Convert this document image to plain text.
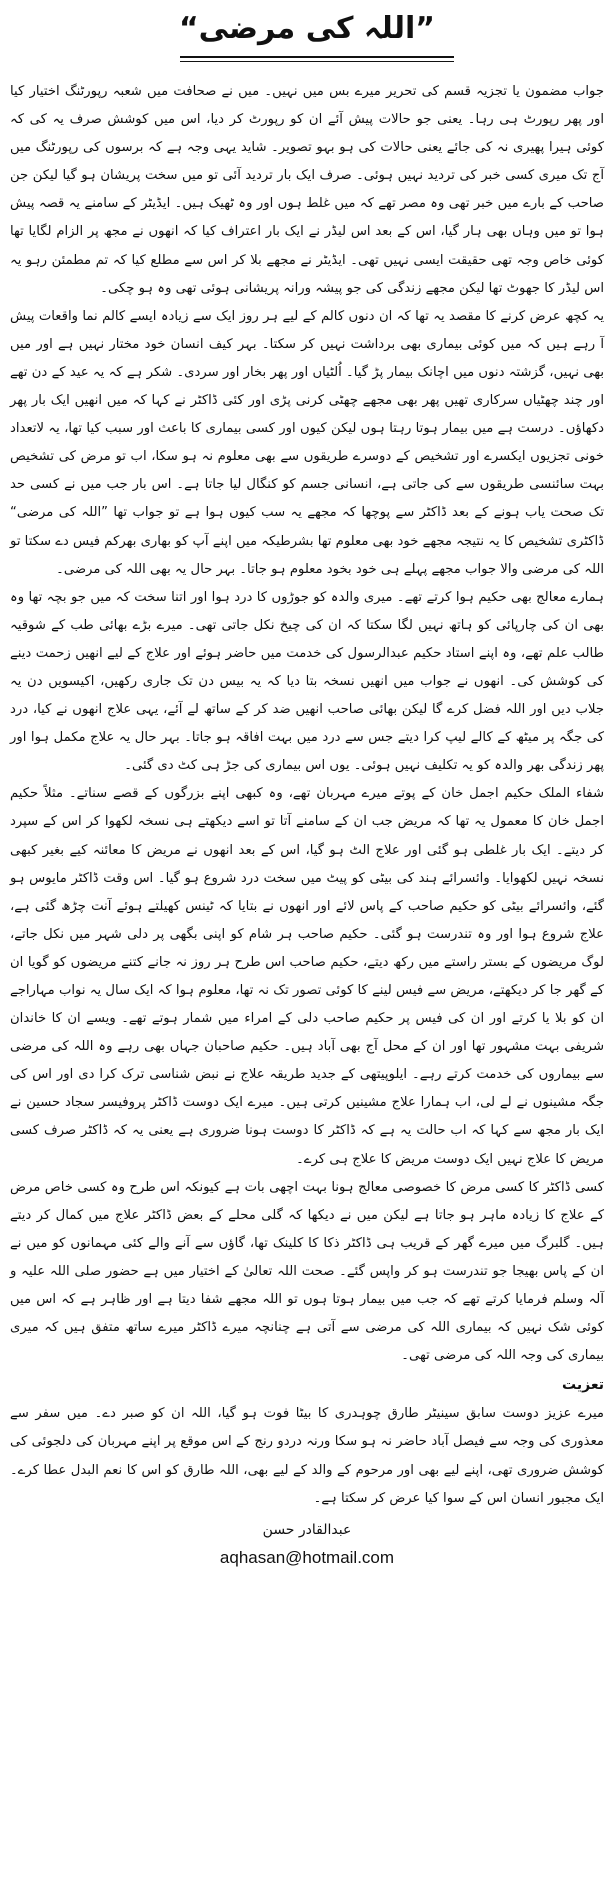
”اللہ کی مرضی“

جواب مضمون یا تجزیہ قسم کی تحریر میرے بس میں نہیں۔ میں نے صحافت میں شعبہ رپورٹنگ اختیار کیا اور پھر رپورٹ ہی رہا۔ یعنی جو حالات پیش آئے ان کو رپورٹ کر دیا، اس میں کوشش صرف یہ کی کہ کوئی ہیرا پھیری نہ کی جائے یعنی حالات کی ہو بہو تصویر۔ شاید یہی وجہ ہے کہ برسوں کی رپورٹنگ میں آج تک میری کسی خبر کی تردید نہیں ہوئی۔ صرف ایک بار تردید آئی تو میں سخت پریشان ہو گیا لیکن جن صاحب کے بارے میں خبر تھی وہ مصر تھے کہ میں غلط ہوں اور وہ ٹھیک ہیں۔ ایڈیٹر کے سامنے یہ قصہ پیش ہوا تو میں وہاں بھی ہار گیا، اس کے بعد اس لیڈر نے ایک بار اعتراف کیا کہ انھوں نے مجھ پر الزام لگایا تھا کوئی خاص وجہ تھی حقیقت ایسی نہیں تھی۔ ایڈیٹر نے مجھے بلا کر اس سے مطلع کیا کہ تم مطمئن رہو یہ اس لیڈر کا جھوٹ تھا لیکن مجھے زندگی کی جو پیشہ ورانہ پریشانی ہوئی تھی وہ ہو چکی۔

یہ کچھ عرض کرنے کا مقصد یہ تھا کہ ان دنوں کالم کے لیے ہر روز ایک سے زیادہ ایسے کالم نما واقعات پیش آ رہے ہیں کہ میں کوئی بیماری بھی برداشت نہیں کر سکتا۔ بہر کیف انسان خود مختار نہیں ہے اور میں بھی نہیں، گزشتہ دنوں میں اچانک بیمار پڑ گیا۔ اُلٹیاں اور پھر بخار اور سردی۔ شکر ہے کہ یہ عید کے دن تھے اور چند چھٹیاں سرکاری تھیں پھر بھی مجھے چھٹی کرنی پڑی اور کئی ڈاکٹر نے کہا کہ میں انھیں ایک بار پھر دکھاؤں۔ درست ہے میں بیمار ہوتا رہتا ہوں لیکن کیوں اور کسی بیماری کا باعث اور سبب کیا تھا، یہ لاتعداد خونی تجزیوں ایکسرے اور تشخیص کے دوسرے طریقوں سے بھی معلوم نہ ہو سکا، اب تو مرض کی تشخیص بہت سائنسی طریقوں سے کی جاتی ہے، انسانی جسم کو کنگال لیا جاتا ہے۔ اس بار جب میں نے کسی حد تک صحت یاب ہونے کے بعد ڈاکٹر سے پوچھا کہ مجھے یہ سب کیوں ہوا ہے تو جواب تھا ”اللہ کی مرضی“ ڈاکٹری تشخیص کا یہ نتیجہ مجھے خود بھی معلوم تھا بشرطیکہ میں اپنے آپ کو بھاری بھرکم فیس دے سکتا تو اللہ کی مرضی والا جواب مجھے پہلے ہی خود بخود معلوم ہو جاتا۔ بہر حال یہ بھی اللہ کی مرضی۔

ہمارے معالج بھی حکیم ہوا کرتے تھے۔ میری والدہ کو جوڑوں کا درد ہوا اور اتنا سخت کہ میں جو بچہ تھا وہ بھی ان کی چارپائی کو ہاتھ نہیں لگا سکتا کہ ان کی چیخ نکل جاتی تھی۔ میرے بڑے بھائی طب کے شوقیہ طالب علم تھے، وہ اپنے استاد حکیم عبدالرسول کی خدمت میں حاضر ہوئے اور علاج کے لیے انھیں زحمت دینے کی کوشش کی۔ انھوں نے جواب میں انھیں نسخہ بتا دیا کہ یہ بیس دن تک جاری رکھیں، اکیسویں دن یہ جلاب دیں اور اللہ فضل کرے گا لیکن بھائی صاحب انھیں ضد کر کے ساتھ لے آئے، یہی علاج انھوں نے کیا، درد کی جگہ پر میٹھ کے کالے لیپ کرا دیتے جس سے درد میں بہت افاقہ ہو جاتا۔ بہر حال یہ علاج مکمل ہوا اور پھر زندگی بھر والدہ کو یہ تکلیف نہیں ہوئی۔ یوں اس بیماری کی جڑ ہی کٹ دی گئی۔

شفاء الملک حکیم اجمل خان کے پوتے میرے مہربان تھے، وہ کبھی اپنے بزرگوں کے قصے سناتے۔ مثلاً حکیم اجمل خان کا معمول یہ تھا کہ مریض جب ان کے سامنے آتا تو اسے دیکھتے ہی نسخہ لکھوا کر اس کے سپرد کر دیتے۔ ایک بار غلطی ہو گئی اور علاج الٹ ہو گیا، اس کے بعد انھوں نے مریض کا معائنہ کیے بغیر کبھی نسخہ نہیں لکھوایا۔ وائسرائے ہند کی بیٹی کو پیٹ میں سخت درد شروع ہو گیا۔ اس وقت ڈاکٹر مایوس ہو گئے، وائسرائے بیٹی کو حکیم صاحب کے پاس لائے اور انھوں نے بتایا کہ ٹینس کھیلتے ہوئے آنت چڑھ گئی ہے، علاج شروع ہوا اور وہ تندرست ہو گئی۔ حکیم صاحب ہر شام کو اپنی بگھی پر دلی شہر میں نکل جاتے، لوگ مریضوں کے بستر راستے میں رکھ دیتے، حکیم صاحب اس طرح ہر روز نہ جانے کتنے مریضوں کو گویا ان کے گھر جا کر دیکھتے، مریض سے فیس لینے کا کوئی تصور تک نہ تھا، معلوم ہوا کہ ایک سال یہ نواب مہاراجے ان کو بلا یا کرتے اور ان کی فیس پر حکیم صاحب دلی کے امراء میں شمار ہوتے تھے۔ ویسے ان کا خاندان شریفی بہت مشہور تھا اور ان کے محل آج بھی آباد ہیں۔ حکیم صاحبان جہاں بھی رہے وہ اللہ کی مرضی سے بیماروں کی خدمت کرتے رہے۔ ایلوپیتھی کے جدید طریقہ علاج نے نبض شناسی ترک کرا دی اور اس کی جگہ مشینوں نے لے لی، اب ہمارا علاج مشینیں کرتی ہیں۔ میرے ایک دوست ڈاکٹر پروفیسر سجاد حسین نے ایک بار مجھ سے کہا کہ اب حالت یہ ہے کہ ڈاکٹر کا دوست ہونا ضروری ہے یعنی یہ کہ ڈاکٹر صرف کسی مریض کا علاج نہیں ایک دوست مریض کا علاج ہی کرے۔

کسی ڈاکٹر کا کسی مرض کا خصوصی معالج ہونا بہت اچھی بات ہے کیونکہ اس طرح وہ کسی خاص مرض کے علاج کا زیادہ ماہر ہو جاتا ہے لیکن میں نے دیکھا کہ گلی محلے کے بعض ڈاکٹر علاج میں کمال کر دیتے ہیں۔ گلبرگ میں میرے گھر کے قریب ہی ڈاکٹر ذکا کا کلینک تھا، گاؤں سے آنے والے کئی مہمانوں کو میں نے ان کے پاس بھیجا جو تندرست ہو کر واپس گئے۔ صحت اللہ تعالیٰ کے اختیار میں ہے حضور صلی اللہ علیہ و آلہ وسلم فرمایا کرتے تھے کہ جب میں بیمار ہوتا ہوں تو اللہ مجھے شفا دیتا ہے اور ظاہر ہے کہ اس میں کوئی شک نہیں کہ بیماری اللہ کی مرضی سے آتی ہے چنانچہ میرے ڈاکٹر میرے ساتھ متفق ہیں کہ میری بیماری کی وجہ اللہ کی مرضی تھی۔

تعزیت

میرے عزیز دوست سابق سینیٹر طارق چوہدری کا بیٹا فوت ہو گیا، اللہ ان کو صبر دے۔ میں سفر سے معذوری کی وجہ سے فیصل آباد حاضر نہ ہو سکا ورنہ دردو رنج کے اس موقع پر اپنے مہربان کی دلجوئی کی کوشش ضروری تھی، اپنے لیے بھی اور مرحوم کے والد کے لیے بھی، اللہ طارق کو اس کا نعم البدل عطا کرے۔ ایک مجبور انسان اس کے سوا کیا عرض کر سکتا ہے۔

عبدالقادر حسن
aqhasan@hotmail.com
